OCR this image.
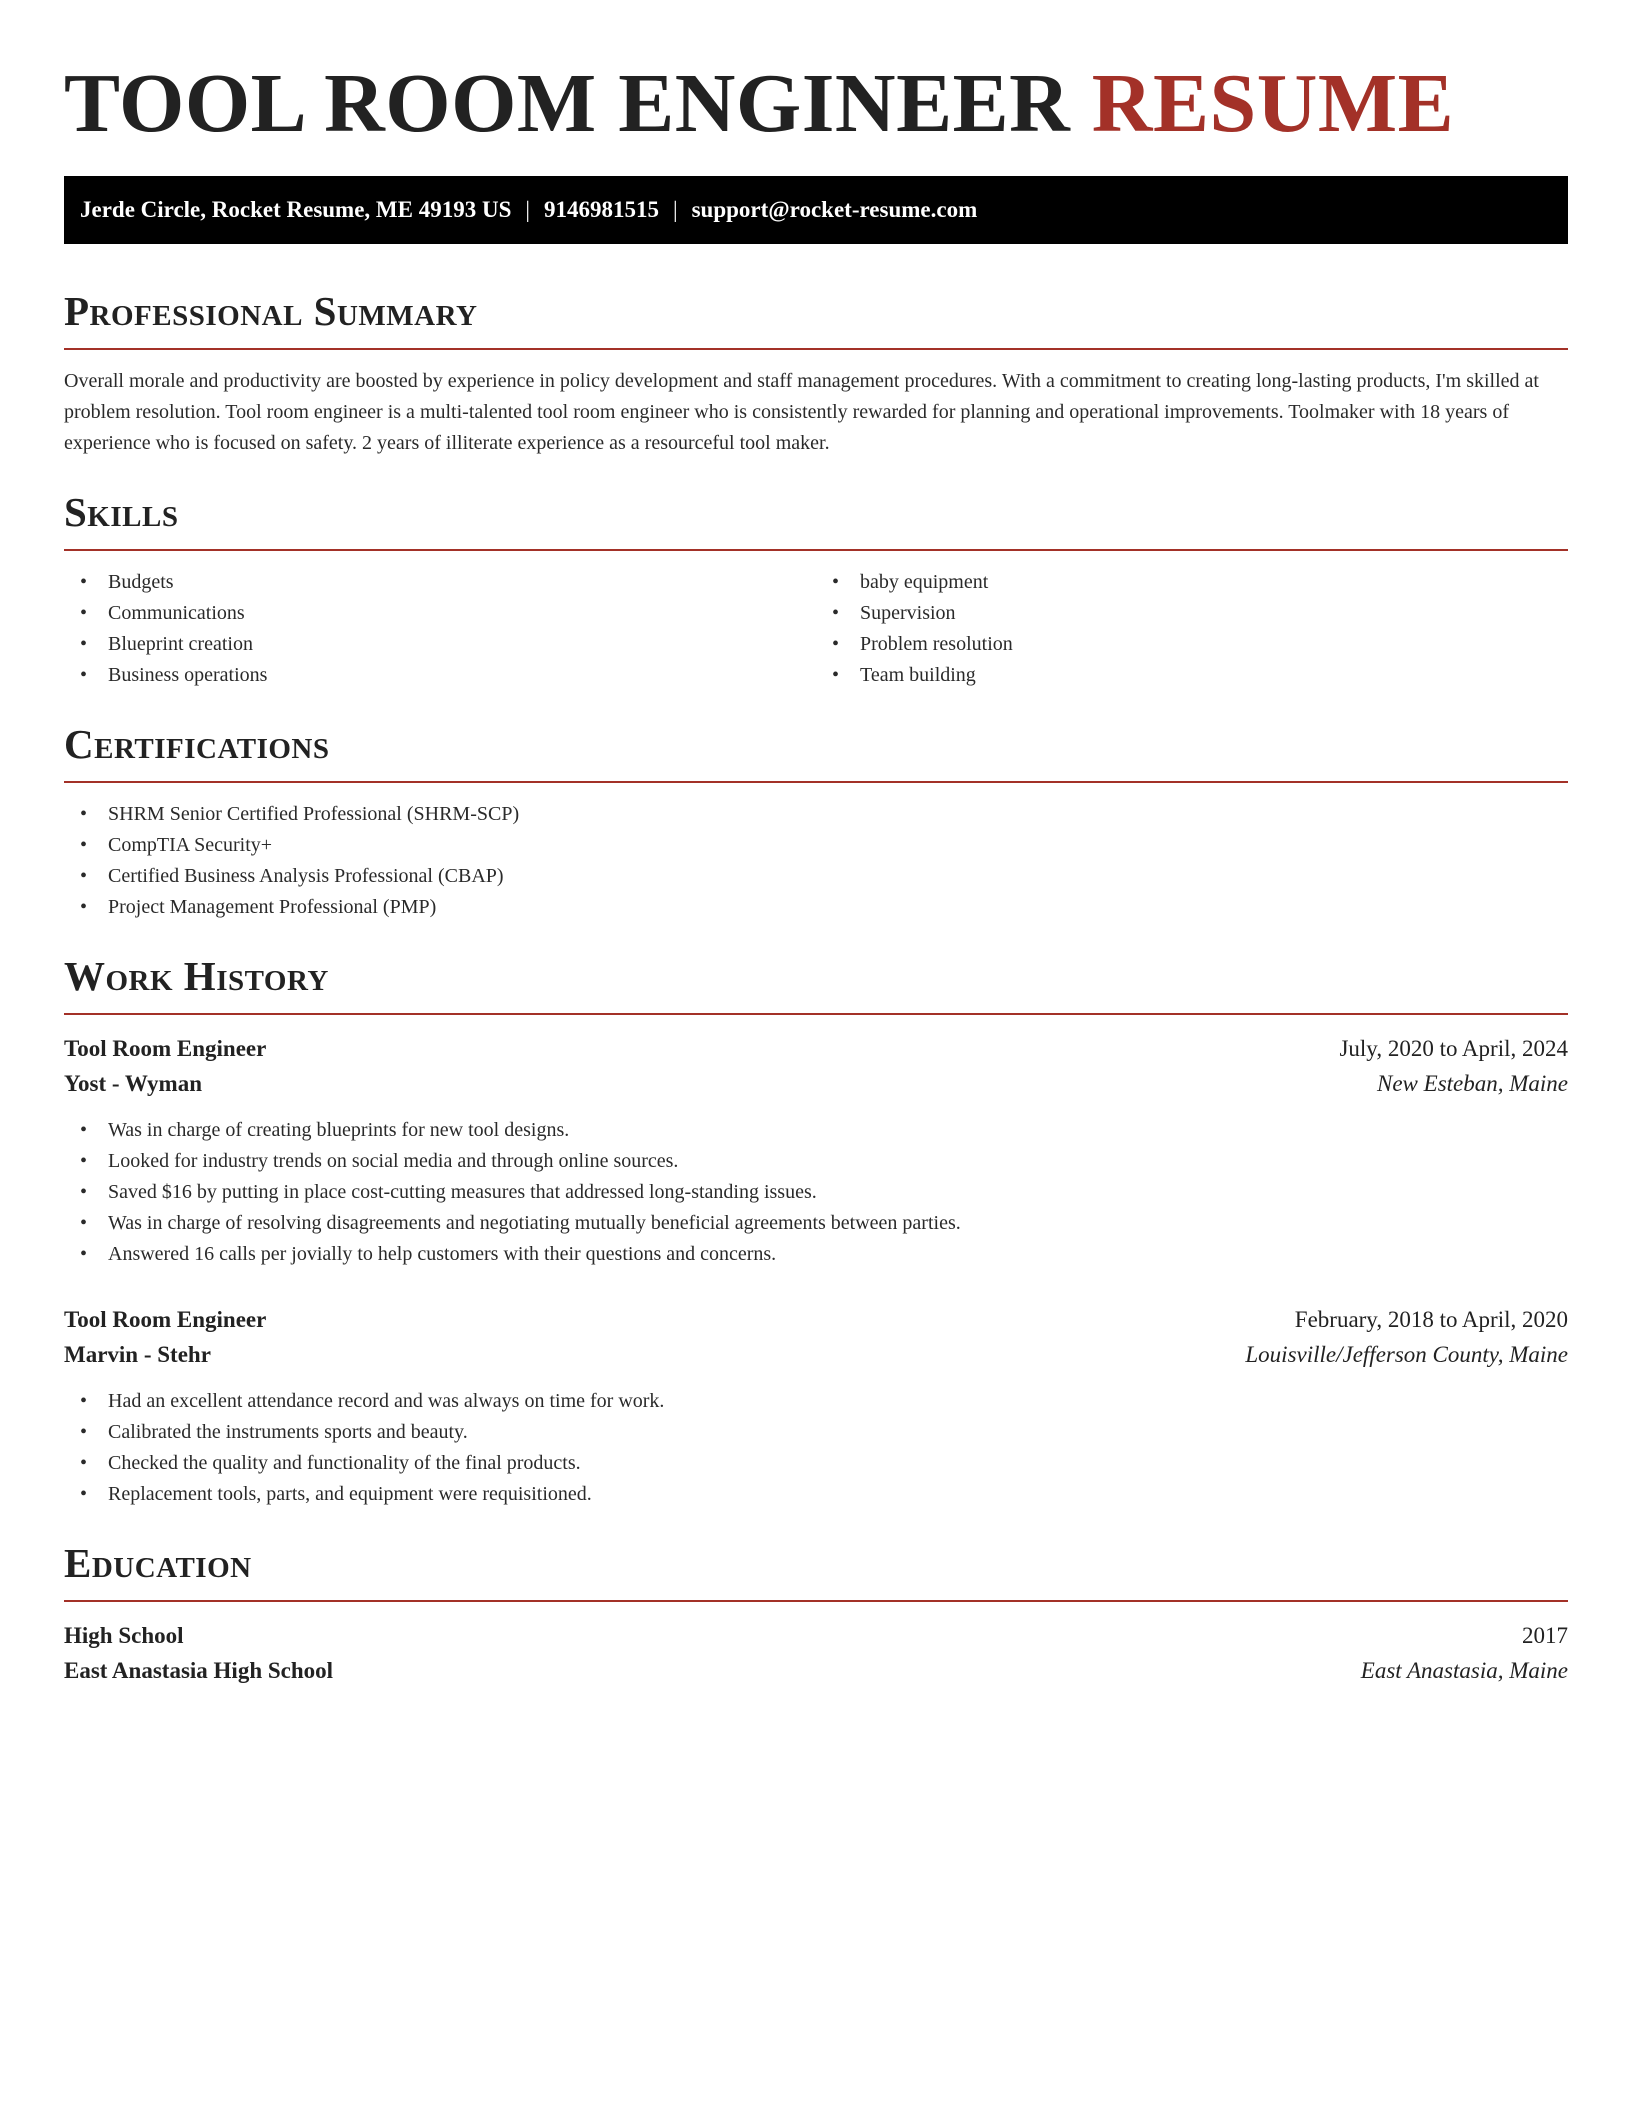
TOOL ROOM ENGINEER RESUME
Jerde Circle, Rocket Resume, ME 49193 US | 9146981515 | support@rocket-resume.com
Professional Summary

Overall morale and productivity are boosted by experience in policy development and staff management procedures. With a commitment to creating long-lasting products, I'm skilled at problem resolution. Tool room engineer is a multi-talented tool room engineer who is consistently rewarded for planning and operational improvements. Toolmaker with 18 years of experience who is focused on safety. 2 years of illiterate experience as a resourceful tool maker.

Skills
• Budgets
• Communications
• Blueprint creation
• Business operations
• baby equipment
• Supervision
• Problem resolution
• Team building
Certifications
• SHRM Senior Certified Professional (SHRM-SCP)
• CompTIA Security+
• Certified Business Analysis Professional (CBAP)
• Project Management Professional (PMP)
Work History
Tool Room Engineer	July, 2020 to April, 2024
Yost - Wyman	New Esteban, Maine
• Was in charge of creating blueprints for new tool designs.
• Looked for industry trends on social media and through online sources.
• Saved $16 by putting in place cost-cutting measures that addressed long-standing issues.
• Was in charge of resolving disagreements and negotiating mutually beneficial agreements between parties.
• Answered 16 calls per jovially to help customers with their questions and concerns.
Tool Room Engineer	February, 2018 to April, 2020
Marvin - Stehr	Louisville/Jefferson County, Maine
• Had an excellent attendance record and was always on time for work.
• Calibrated the instruments sports and beauty.
• Checked the quality and functionality of the final products.
• Replacement tools, parts, and equipment were requisitioned.
Education
High School	2017
East Anastasia High School	East Anastasia, Maine
